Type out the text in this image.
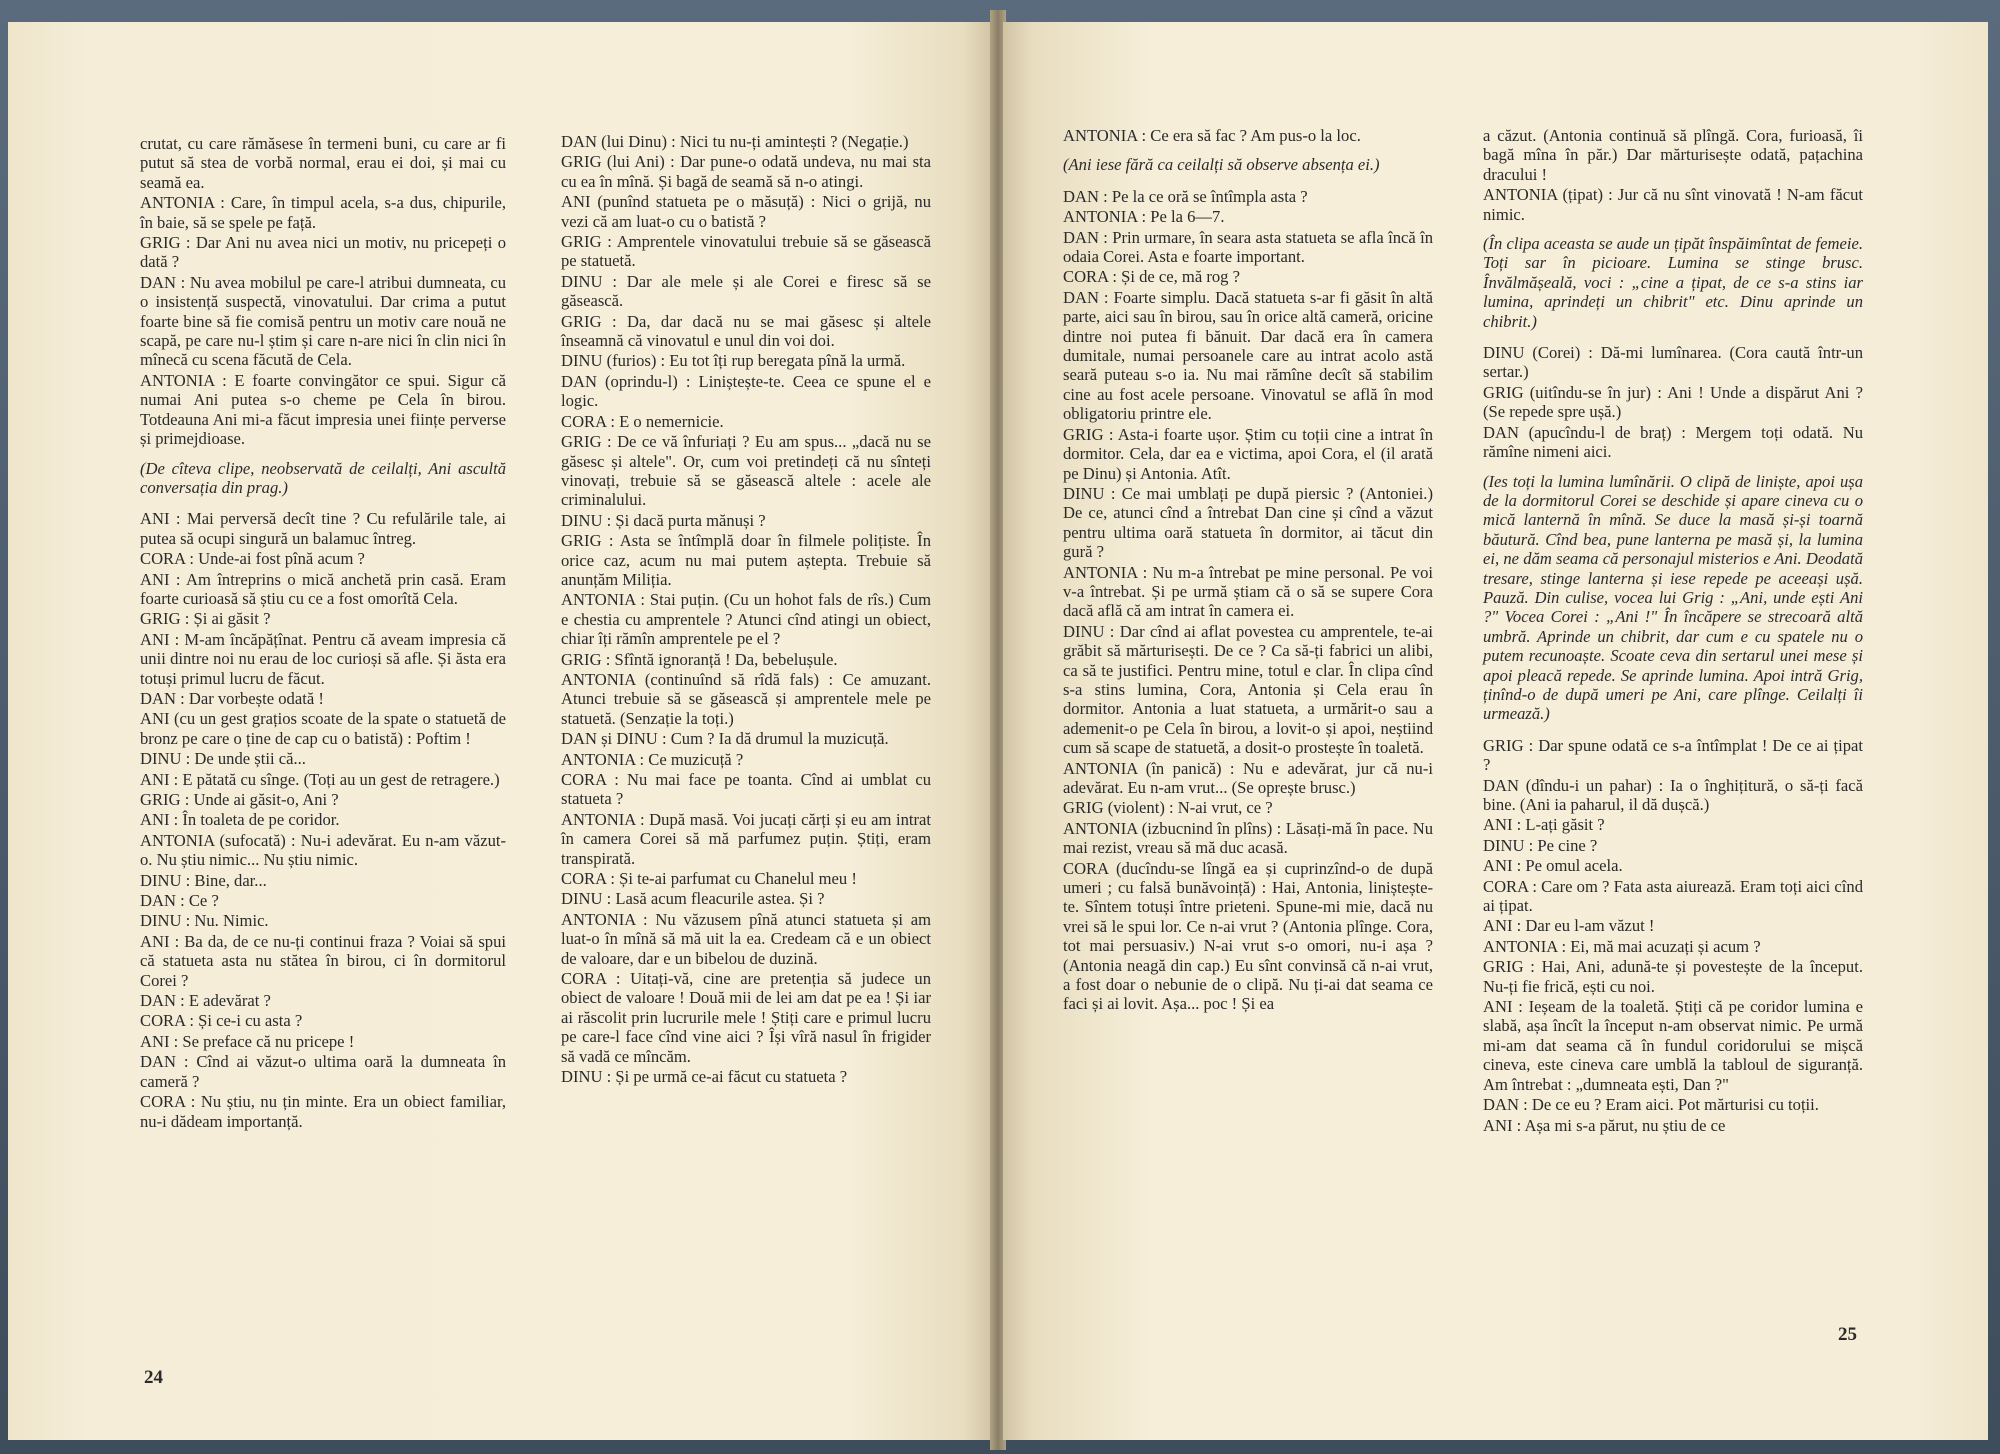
crutat, cu care rămăsese în termeni buni, cu care ar fi putut să stea de vorbă normal, erau ei doi, și mai cu seamă ea.

ANTONIA : Care, în timpul acela, s-a dus, chipurile, în baie, să se spele pe față.

GRIG : Dar Ani nu avea nici un motiv, nu pricepeți o dată ?

DAN : Nu avea mobilul pe care-l atribui dumneata, cu o insistență suspectă, vinovatului. Dar crima a putut foarte bine să fie comisă pentru un motiv care nouă ne scapă, pe care nu-l știm și care n-are nici în clin nici în mînecă cu scena făcută de Cela.

ANTONIA : E foarte convingător ce spui. Sigur că numai Ani putea s-o cheme pe Cela în birou. Totdeauna Ani mi-a făcut impresia unei ființe perverse și primejdioase.

(De cîteva clipe, neobservată de ceilalți, Ani ascultă conversația din prag.)

ANI : Mai perversă decît tine ? Cu refulările tale, ai putea să ocupi singură un balamuc întreg.

CORA : Unde-ai fost pînă acum ?

ANI : Am întreprins o mică anchetă prin casă. Eram foarte curioasă să știu cu ce a fost omorîtă Cela.

GRIG : Și ai găsit ?

ANI : M-am încăpățînat. Pentru că aveam impresia că unii dintre noi nu erau de loc curioși să afle. Și ăsta era totuși primul lucru de făcut.

DAN : Dar vorbește odată !

ANI (cu un gest grațios scoate de la spate o statuetă de bronz pe care o ține de cap cu o batistă) : Poftim !

DINU : De unde știi că...

ANI : E pătată cu sînge. (Toți au un gest de retragere.)

GRIG : Unde ai găsit-o, Ani ?

ANI : În toaleta de pe coridor.

ANTONIA (sufocată) : Nu-i adevărat. Eu n-am văzut-o. Nu știu nimic... Nu știu nimic.

DINU : Bine, dar...

DAN : Ce ?

DINU : Nu. Nimic.

ANI : Ba da, de ce nu-ți continui fraza ? Voiai să spui că statueta asta nu stătea în birou, ci în dormitorul Corei ?

DAN : E adevărat ?

CORA : Și ce-i cu asta ?

ANI : Se preface că nu pricepe !

DAN : Cînd ai văzut-o ultima oară la dumneata în cameră ?

CORA : Nu știu, nu țin minte. Era un obiect familiar, nu-i dădeam importanță.

DAN (lui Dinu) : Nici tu nu-ți amintești ? (Negație.)

GRIG (lui Ani) : Dar pune-o odată undeva, nu mai sta cu ea în mînă. Și bagă de seamă să n-o atingi.

ANI (punînd statueta pe o măsuță) : Nici o grijă, nu vezi că am luat-o cu o batistă ?

GRIG : Amprentele vinovatului trebuie să se găsească pe statuetă.

DINU : Dar ale mele și ale Corei e firesc să se găsească.

GRIG : Da, dar dacă nu se mai găsesc și altele înseamnă că vinovatul e unul din voi doi.

DINU (furios) : Eu tot îți rup beregata pînă la urmă.

DAN (oprindu-l) : Liniștește-te. Ceea ce spune el e logic.

CORA : E o nemernicie.

GRIG : De ce vă înfuriați ? Eu am spus... „dacă nu se găsesc și altele". Or, cum voi pretindeți că nu sînteți vinovați, trebuie să se găsească altele : acele ale criminalului.

DINU : Și dacă purta mănuși ?

GRIG : Asta se întîmplă doar în filmele polițiste. În orice caz, acum nu mai putem aștepta. Trebuie să anunțăm Miliția.

ANTONIA : Stai puțin. (Cu un hohot fals de rîs.) Cum e chestia cu amprentele ? Atunci cînd atingi un obiect, chiar îți rămîn amprentele pe el ?

GRIG : Sfîntă ignoranță ! Da, bebelușule.

ANTONIA (continuînd să rîdă fals) : Ce amuzant. Atunci trebuie să se găsească și amprentele mele pe statuetă. (Senzație la toți.)

DAN și DINU : Cum ? Ia dă drumul la muzicuță.

ANTONIA : Ce muzicuță ?

CORA : Nu mai face pe toanta. Cînd ai umblat cu statueta ?

ANTONIA : După masă. Voi jucați cărți și eu am intrat în camera Corei să mă parfumez puțin. Știți, eram transpirată.

CORA : Și te-ai parfumat cu Chanelul meu !

DINU : Lasă acum fleacurile astea. Și ?

ANTONIA : Nu văzusem pînă atunci statueta și am luat-o în mînă să mă uit la ea. Credeam că e un obiect de valoare, dar e un bibelou de duzină.

CORA : Uitați-vă, cine are pretenția să judece un obiect de valoare ! Două mii de lei am dat pe ea ! Și iar ai răscolit prin lucrurile mele ! Știți care e primul lucru pe care-l face cînd vine aici ? Își vîră nasul în frigider să vadă ce mîncăm.

DINU : Și pe urmă ce-ai făcut cu statueta ?

24

ANTONIA : Ce era să fac ? Am pus-o la loc.

(Ani iese fără ca ceilalți să observe absența ei.)

DAN : Pe la ce oră se întîmpla asta ?

ANTONIA : Pe la 6—7.

DAN : Prin urmare, în seara asta statueta se afla încă în odaia Corei. Asta e foarte important.

CORA : Și de ce, mă rog ?

DAN : Foarte simplu. Dacă statueta s-ar fi găsit în altă parte, aici sau în birou, sau în orice altă cameră, oricine dintre noi putea fi bănuit. Dar dacă era în camera dumitale, numai persoanele care au intrat acolo astă seară puteau s-o ia. Nu mai rămîne decît să stabilim cine au fost acele persoane. Vinovatul se află în mod obligatoriu printre ele.

GRIG : Asta-i foarte ușor. Știm cu toții cine a intrat în dormitor. Cela, dar ea e victima, apoi Cora, el (il arată pe Dinu) și Antonia. Atît.

DINU : Ce mai umblați pe după piersic ? (Antoniei.) De ce, atunci cînd a întrebat Dan cine și cînd a văzut pentru ultima oară statueta în dormitor, ai tăcut din gură ?

ANTONIA : Nu m-a întrebat pe mine personal. Pe voi v-a întrebat. Și pe urmă știam că o să se supere Cora dacă află că am intrat în camera ei.

DINU : Dar cînd ai aflat povestea cu amprentele, te-ai grăbit să mărturisești. De ce ? Ca să-ți fabrici un alibi, ca să te justifici. Pentru mine, totul e clar. În clipa cînd s-a stins lumina, Cora, Antonia și Cela erau în dormitor. Antonia a luat statueta, a urmărit-o sau a ademenit-o pe Cela în birou, a lovit-o și apoi, neștiind cum să scape de statuetă, a dosit-o prostește în toaletă.

ANTONIA (în panică) : Nu e adevărat, jur că nu-i adevărat. Eu n-am vrut... (Se oprește brusc.)

GRIG (violent) : N-ai vrut, ce ?

ANTONIA (izbucnind în plîns) : Lăsați-mă în pace. Nu mai rezist, vreau să mă duc acasă.

CORA (ducîndu-se lîngă ea și cuprinzînd-o de după umeri ; cu falsă bunăvoință) : Hai, Antonia, liniștește-te. Sîntem totuși între prieteni. Spune-mi mie, dacă nu vrei să le spui lor. Ce n-ai vrut ? (Antonia plînge. Cora, tot mai persuasiv.) N-ai vrut s-o omori, nu-i așa ? (Antonia neagă din cap.) Eu sînt convinsă că n-ai vrut, a fost doar o nebunie de o clipă. Nu ți-ai dat seama ce faci și ai lovit. Așa... poc ! Și ea

a căzut. (Antonia continuă să plîngă. Cora, furioasă, îi bagă mîna în păr.) Dar mărturisește odată, pațachina dracului !

ANTONIA (țipat) : Jur că nu sînt vinovată ! N-am făcut nimic.

(În clipa aceasta se aude un țipăt înspăimîntat de femeie. Toți sar în picioare. Lumina se stinge brusc. Învălmășeală, voci : „cine a țipat, de ce s-a stins iar lumina, aprindeți un chibrit" etc. Dinu aprinde un chibrit.)

DINU (Corei) : Dă-mi lumînarea. (Cora caută într-un sertar.)

GRIG (uitîndu-se în jur) : Ani ! Unde a dispărut Ani ? (Se repede spre ușă.)

DAN (apucîndu-l de braț) : Mergem toți odată. Nu rămîne nimeni aici.

(Ies toți la lumina lumînării. O clipă de liniște, apoi ușa de la dormitorul Corei se deschide și apare cineva cu o mică lanternă în mînă. Se duce la masă și-și toarnă băutură. Cînd bea, pune lanterna pe masă și, la lumina ei, ne dăm seama că personajul misterios e Ani. Deodată tresare, stinge lanterna și iese repede pe aceeași ușă. Pauză. Din culise, vocea lui Grig : „Ani, unde ești Ani ?" Vocea Corei : „Ani !" În încăpere se strecoară altă umbră. Aprinde un chibrit, dar cum e cu spatele nu o putem recunoaște. Scoate ceva din sertarul unei mese și apoi pleacă repede. Se aprinde lumina. Apoi intră Grig, ținînd-o de după umeri pe Ani, care plînge. Ceilalți îi urmează.)

GRIG : Dar spune odată ce s-a întîmplat ! De ce ai țipat ?

DAN (dîndu-i un pahar) : Ia o înghițitură, o să-ți facă bine. (Ani ia paharul, il dă dușcă.)

ANI : L-ați găsit ?

DINU : Pe cine ?

ANI : Pe omul acela.

CORA : Care om ? Fata asta aiurează. Eram toți aici cînd ai țipat.

ANI : Dar eu l-am văzut !

ANTONIA : Ei, mă mai acuzați și acum ?

GRIG : Hai, Ani, adună-te și povestește de la început. Nu-ți fie frică, ești cu noi.

ANI : Ieșeam de la toaletă. Știți că pe coridor lumina e slabă, așa încît la început n-am observat nimic. Pe urmă mi-am dat seama că în fundul coridorului se mișcă cineva, este cineva care umblă la tabloul de siguranță. Am întrebat : „dumneata ești, Dan ?"

DAN : De ce eu ? Eram aici. Pot mărturisi cu toții.

ANI : Așa mi s-a părut, nu știu de ce

25
